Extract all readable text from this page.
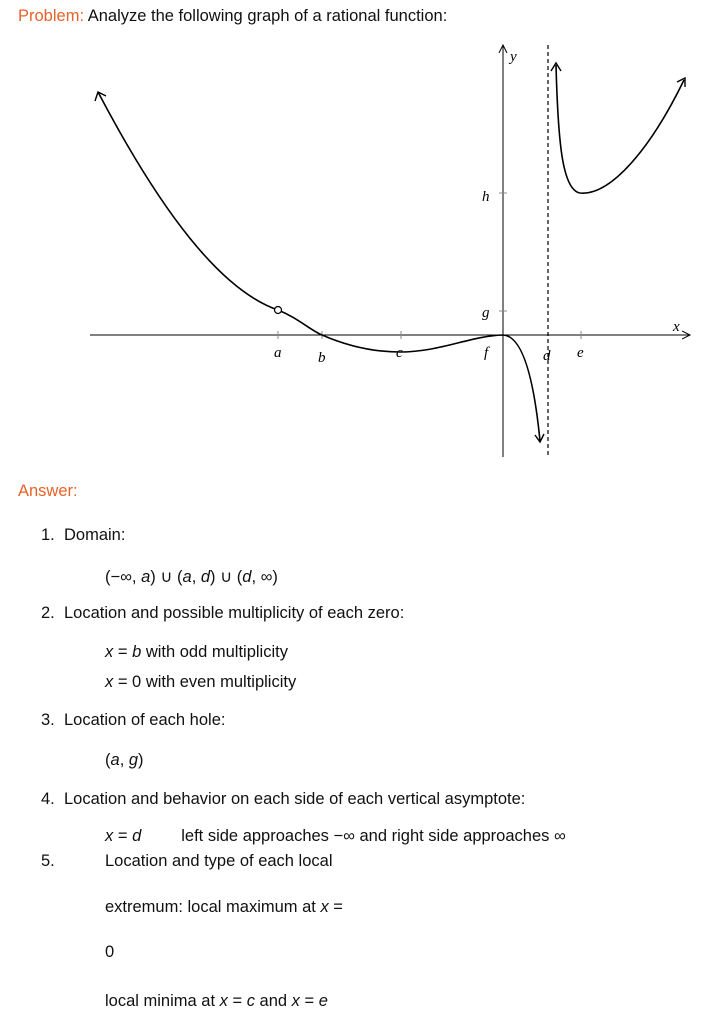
Problem: Analyze the following graph of a rational function:
x
y
a b	c	f	d e
h
g
Answer:
1. Domain:
(−∞, a) ∪ (a, d) ∪ (d, ∞)
2. Location and possible multiplicity of each zero:
x = b with odd multiplicity
x = 0 with even multiplicity
3. Location of each hole:
(a, g)
4. Location and behavior on each side of each vertical asymptote:
x = d left side approaches −∞ and right side approaches ∞
5.	Location and type of each local
extremum: local maximum at x =
0
local minima at x = c and x = e
